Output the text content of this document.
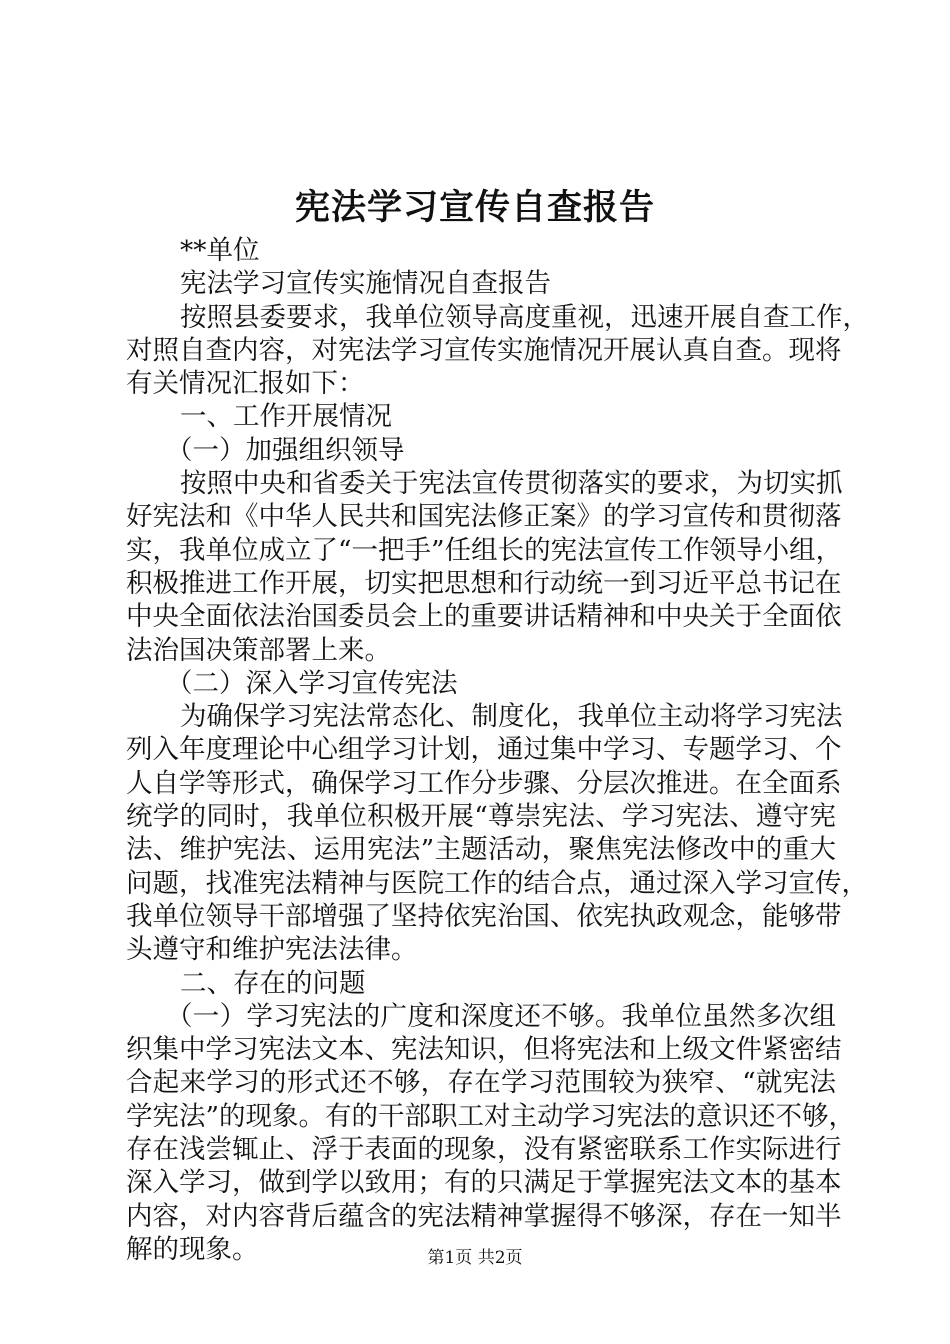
宪法学习宣传自查报告
**单位
宪法学习宣传实施情况自查报告
按照县委要求，我单位领导高度重视，迅速开展自查工作，
对照自查内容，对宪法学习宣传实施情况开展认真自查。现将
有关情况汇报如下：
一、工作开展情况
（一）加强组织领导
按照中央和省委关于宪法宣传贯彻落实的要求，为切实抓
好宪法和《中华人民共和国宪法修正案》的学习宣传和贯彻落
实，我单位成立了“一把手”任组长的宪法宣传工作领导小组，
积极推进工作开展，切实把思想和行动统一到习近平总书记在
中央全面依法治国委员会上的重要讲话精神和中央关于全面依
法治国决策部署上来。
（二）深入学习宣传宪法
为确保学习宪法常态化、制度化，我单位主动将学习宪法
列入年度理论中心组学习计划，通过集中学习、专题学习、个
人自学等形式，确保学习工作分步骤、分层次推进。在全面系
统学的同时，我单位积极开展“尊崇宪法、学习宪法、遵守宪
法、维护宪法、运用宪法”主题活动，聚焦宪法修改中的重大
问题，找准宪法精神与医院工作的结合点，通过深入学习宣传，
我单位领导干部增强了坚持依宪治国、依宪执政观念，能够带
头遵守和维护宪法法律。
二、存在的问题
（一）学习宪法的广度和深度还不够。我单位虽然多次组
织集中学习宪法文本、宪法知识，但将宪法和上级文件紧密结
合起来学习的形式还不够，存在学习范围较为狭窄、“就宪法
学宪法”的现象。有的干部职工对主动学习宪法的意识还不够，
存在浅尝辄止、浮于表面的现象，没有紧密联系工作实际进行
深入学习，做到学以致用；有的只满足于掌握宪法文本的基本
内容，对内容背后蕴含的宪法精神掌握得不够深，存在一知半
解的现象。	第1页 共2页
